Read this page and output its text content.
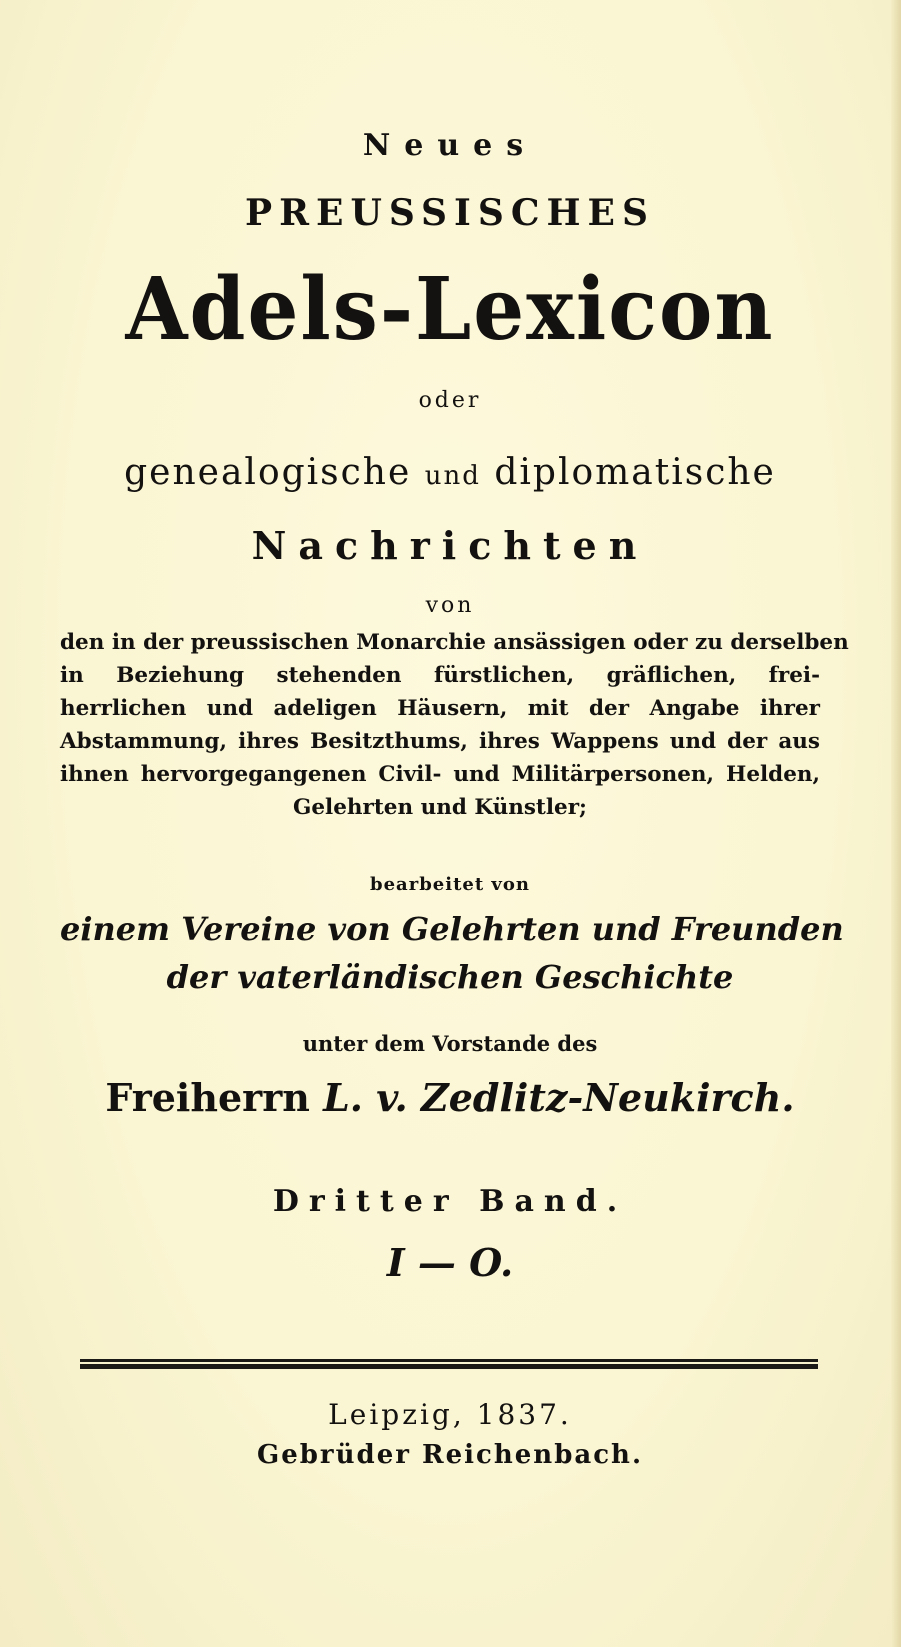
Neues
PREUSSISCHES
Adels-Lexicon
oder
genealogische und diplomatische
Nachrichten
von
den in der preussischen Monarchie ansässigen oder zu derselben
in Beziehung stehenden fürstlichen, gräflichen, frei-
herrlichen und adeligen Häusern, mit der Angabe ihrer
Abstammung, ihres Besitzthums, ihres Wappens und der aus
ihnen hervorgegangenen Civil- und Militärpersonen, Helden,
Gelehrten und Künstler;
bearbeitet von
einem Vereine von Gelehrten und Freunden
der vaterländischen Geschichte
unter dem Vorstande des
Freiherrn L. v. Zedlitz-Neukirch.
Dritter Band.
I — O.
Leipzig, 1837.
Gebrüder Reichenbach.
